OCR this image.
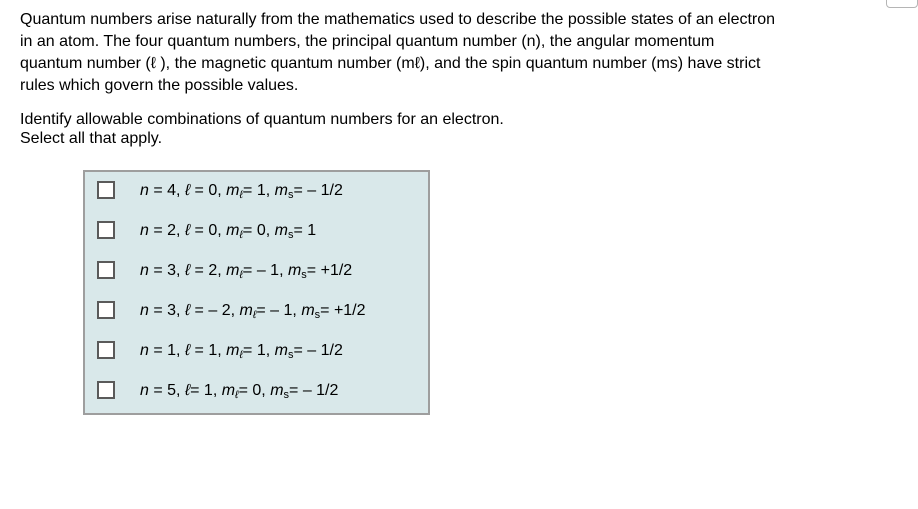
Quantum numbers arise naturally from the mathematics used to describe the possible states of an electron
in an atom. The four quantum numbers, the principal quantum number (n), the angular momentum
quantum number (ℓ ), the magnetic quantum number (mℓ), and the spin quantum number (ms) have strict
rules which govern the possible values.
Identify allowable combinations of quantum numbers for an electron.
Select all that apply.
n = 4, ℓ = 0, $m_\ell= 1$, $m_s= - 1/2$
n = 2, ℓ = 0, $m_\ell= 0$, $m_s= 1$
n = 3, ℓ = 2, $m_\ell= - 1$, $m_s= +1/2$
n = 3, ℓ = – 2, $m_\ell= - 1$, $m_s= +1/2$
n = 1, ℓ = 1, $m_\ell= 1$, $m_s= - 1/2$
n = 5, ℓ= 1, $m_\ell= 0$, $m_s= - 1/2$
